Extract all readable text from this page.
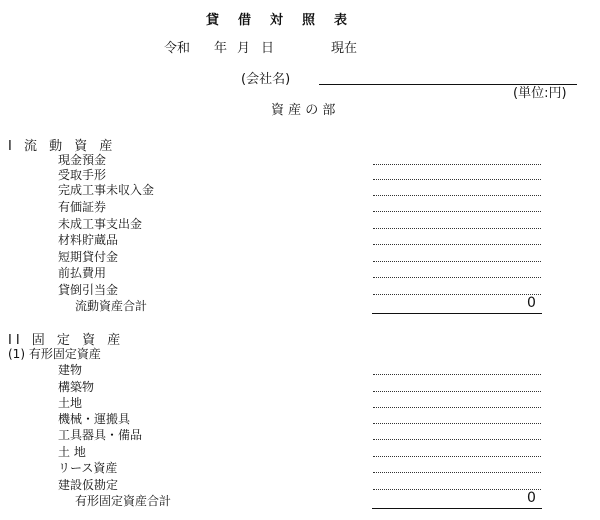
貸借対照表
令和 年 月 日	現在
(会社名)
(単位:円)
資 産 の 部
I 流 動 資 産
現金預金
受取手形
完成工事未収入金
有価証券
未成工事支出金
材料貯蔵品
短期貸付金
前払費用
貸倒引当金
流動資産合計	0
II 固 定 資 産
(1) 有形固定資産
建物
構築物
土地
機械・運搬具
工具器具・備品
土 地
リース資産
建設仮勘定
有形固定資産合計	0
